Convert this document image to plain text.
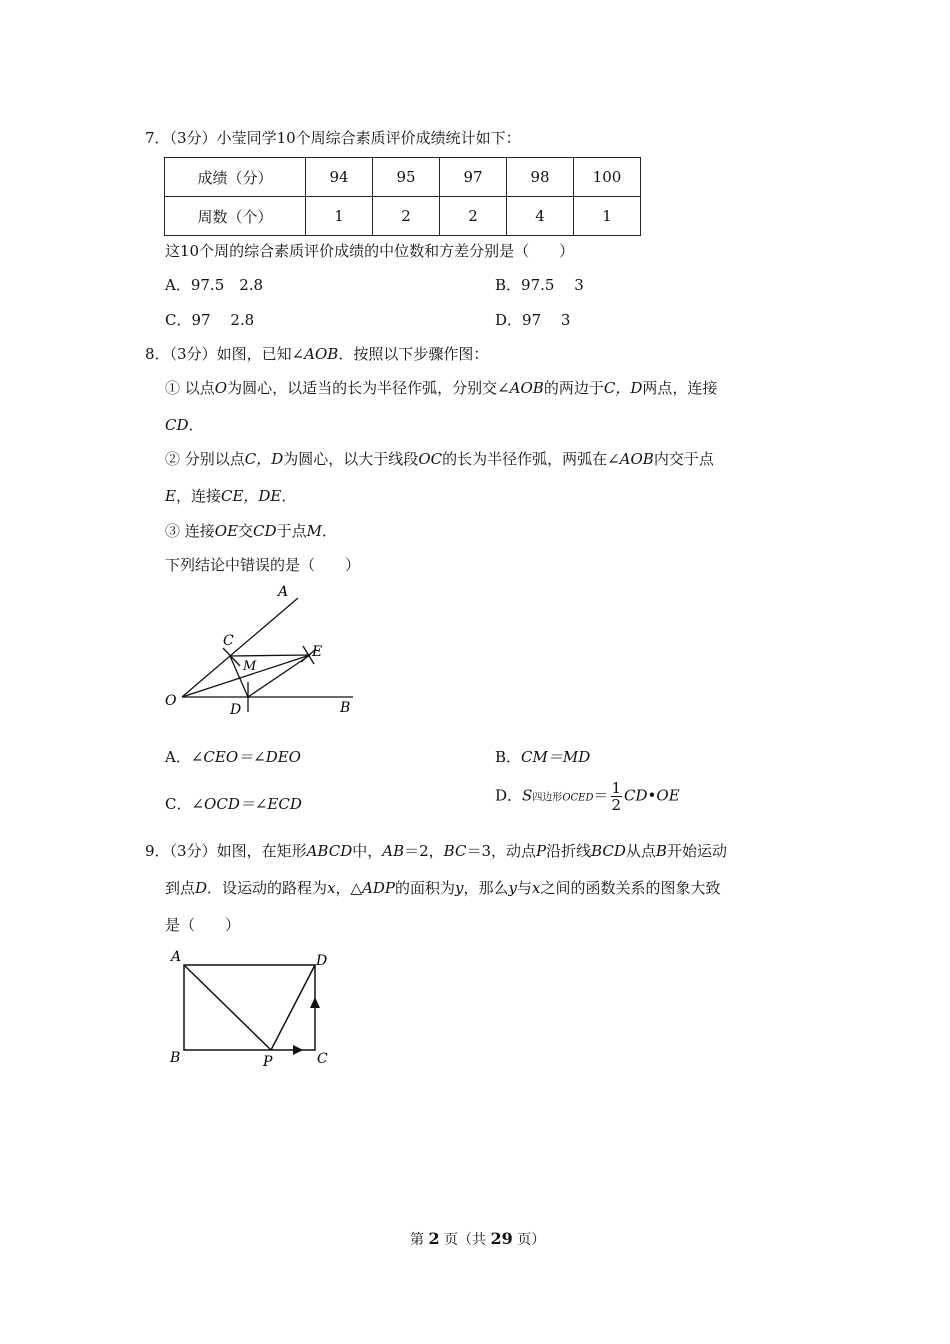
7．（3分）小莹同学10个周综合素质评价成绩统计如下：
成绩（分）	94	95	97	98	100
周数（个）	1	2	2	4	1
这10个周的综合素质评价成绩的中位数和方差分别是（　　）
A．97.5　2.8	B．97.5　 3
C．97　 2.8	D．97　 3
8．（3分）如图，已知∠AOB．按照以下步骤作图：
① 以点O为圆心，以适当的长为半径作弧，分别交∠AOB的两边于C，D两点，连接
CD．
② 分别以点C，D为圆心，以大于线段OC的长为半径作弧，两弧在∠AOB内交于点
E，连接CE，DE．
③ 连接OE交CD于点M．
下列结论中错误的是（　　）
A
C
E
M
O
D	B
A．∠CEO＝∠DEO	B．CM＝MD
C．∠OCD＝∠ECD	D．S四边形OCED＝ $\frac{1}{2}$ CD•OE
9．（3分）如图，在矩形ABCD中，AB＝2，BC＝3，动点P沿折线BCD从点B开始运动
到点D．设运动的路程为x，△ADP的面积为y，那么y与x之间的函数关系的图象大致
是（　　）
A	D
B	P	C
第 2 页（共 29 页）
